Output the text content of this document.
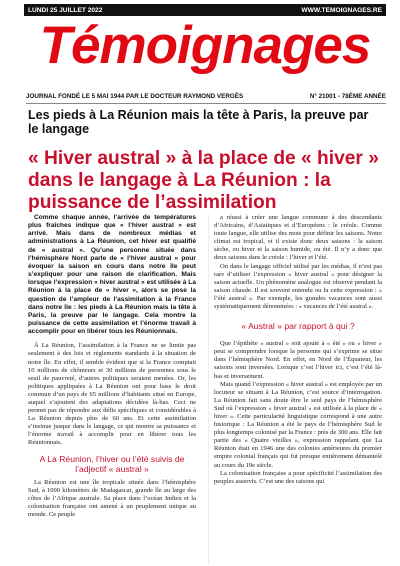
LUNDI 25 JUILLET 2022	WWW.TEMOIGNAGES.RE
Témoignages
JOURNAL FONDÉ LE 5 MAI 1944 PAR LE DOCTEUR RAYMOND VERGÈS	N° 21001 - 78ÈME ANNÉE
Les pieds à La Réunion mais la tête à Paris, la preuve par le langage
« Hiver austral » à la place de « hiver » dans le langage à La Réunion : la puissance de l’assimilation

Comme chaque année, l’arrivée de températures plus fraîches indique que « l’hiver austral » est arrivé. Mais dans de nombreux médias et administrations à La Réunion, cet hiver est qualifié de « austral ». Qu’une personne située dans l’hémisphère Nord parle de « l’hiver austral » pour évoquer la saison en cours dans notre île peut s’expliquer pour une raison de clarification. Mais lorsque l’expression « hiver austral » est utilisée à La Réunion à la place de « hiver », alors se pose la question de l’ampleur de l’assimilation à la France dans notre île : les pieds à La Réunion mais la tête à Paris, la preuve par le langage. Cela montre la puissance de cette assimilation et l’énorme travail à accomplir pour en libérer tous les Réunionnais.

À La Réunion, l’assimilation à la France ne se limite pas seulement à des lois et règlements standards à la situation de notre île. En effet, il semble évident que si la France comptait 10 millions de chômeurs et 30 millions de personnes sous le seuil de pauvreté, d’autres politiques seraient menées. Or, les politiques appliquées à La Réunion ont pour base le droit commun d’un pays de 65 millions d’habitants situé en Europe, auquel s’ajoutent des adaptations décidées là-bas. Ceci ne permet pas de répondre aux défis spécifiques et considérables à La Réunion depuis plus de 60 ans. Et cette assimilation s’insinue jusque dans le langage, ce qui montre sa puissance et l’énorme travail à accomplir pour en libérer tous les Réunionnais.

A La Réunion, l’hiver ou l’été suivis de l’adjectif « austral »

La Réunion est une île tropicale située dans l’hémisphère Sud, à 1000 kilomètres de Madagascar, grande île au large des côtes de l’Afrique australe. Sa place dans l’océan Indien et la colonisation française ont amené à un peuplement unique au monde. Ce peuple

a réussi à créer une langue commune à des descendants d’Africains, d’Asiatiques et d’Européens : le créole. Comme toute langue, elle utilise des mots pour définir les saisons. Notre climat est tropical, et il existe donc deux saisons : la saison sèche, ou hiver et la saison humide, ou été. Il n’y a donc que deux saisons dans le créole : l’hiver et l’été.

On dans le langage officiel utilisé par les médias, il n’est pas rare d’utiliser l’expression « hiver austral » pour désigner la saison actuelle. Un phénomène analogue est observé pendant la saison chaude. Il est souvent entendu ou lu cette expression : « l’été austral ». Par exemple, les grandes vacances sont aussi systématiquement dénommées : « vacances de l’été austral ».

« Austral » par rapport à qui ?

Que l’épithète « austral » soit ajouté à « été » ou « hiver » peut se comprendre lorsque la personne qui s’exprime se situe dans l’hémisphère Nord. En effet, en Nord de l’Équateur, les saisons sont inversées. Lorsque c’est l’hiver ici, c’est l’été là-bas et inversement.

Mais quand l’expression « hiver austral » est employée par un locuteur se situant à La Réunion, c’est source d’interrogation. La Réunion fait sans doute être le seul pays de l’hémisphère Sud où l’expression « hiver austral » est utilisée à la place de « hiver ». Cette particularité linguistique correspond à une autre historique : La Réunion a été le pays de l’hémisphère Sud le plus longtemps colonisé par la France : près de 300 ans. Elle fait partie des « Quatre vieilles », expression rappelant que La Réunion était en 1946 une des colonies antérieures du premier empire colonial français qui fut presque entièrement démantelé au cours du 19e siècle.

La colonisation française a pour spécificité l’assimilation des peuples asservis. C’est une des raisons qui
